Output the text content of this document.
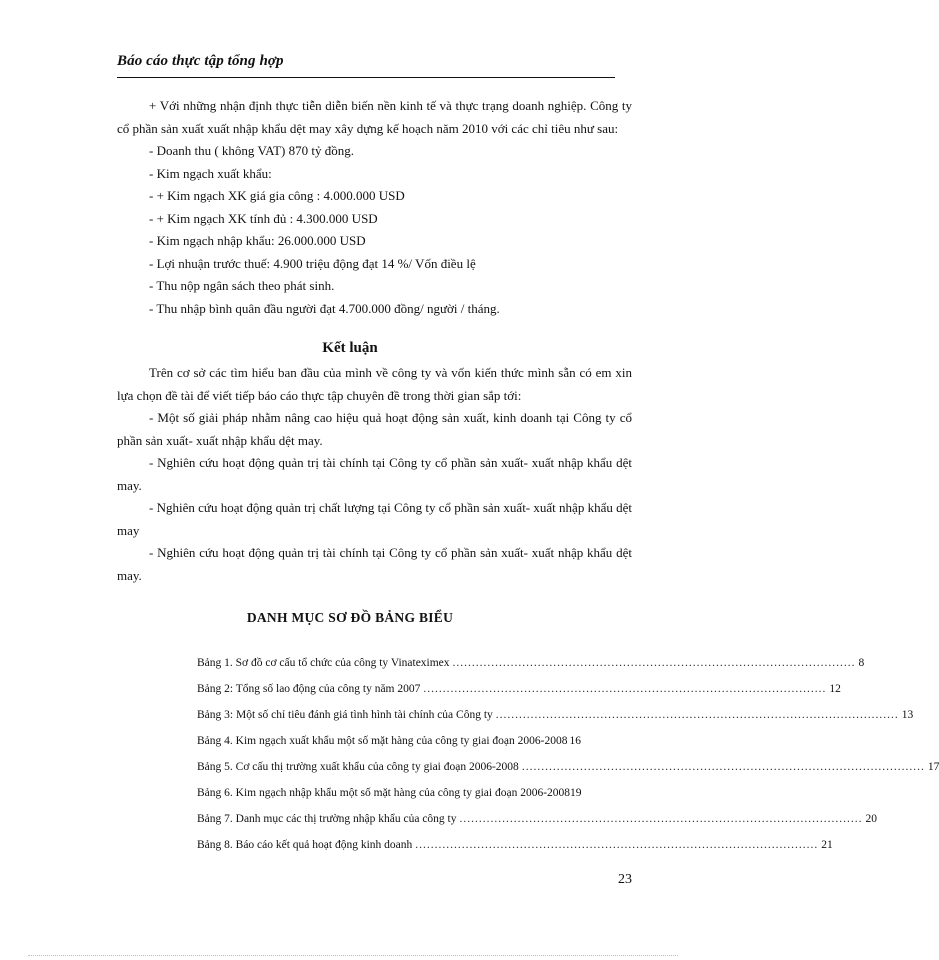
Báo cáo thực tập tổng hợp

+ Với những nhận định thực tiễn diễn biến nền kinh tế và thực trạng doanh nghiệp. Công ty cổ phần sản xuất xuất nhập khẩu dệt may xây dựng kế hoạch năm 2010 với các chỉ tiêu như sau:

- Doanh thu ( không VAT) 870 tỷ đồng.

- Kim ngạch xuất khẩu:

- + Kim ngạch XK giá gia công : 4.000.000 USD

- + Kim ngạch XK tính đủ : 4.300.000 USD

- Kim ngạch nhập khẩu: 26.000.000 USD

- Lợi nhuận trước thuế: 4.900 triệu động đạt 14 %/ Vốn điều lệ

- Thu nộp ngân sách theo phát sinh.

- Thu nhập bình quân đầu người đạt 4.700.000 đồng/ người / tháng.

Kết luận

Trên cơ sở các tìm hiểu ban đầu của mình về công ty và vốn kiến thức mình sẵn có em xin lựa chọn đề tài để viết tiếp báo cáo thực tập chuyên đề trong thời gian sắp tới:

- Một số giải pháp nhằm nâng cao hiệu quả hoạt động sản xuất, kinh doanh tại Công ty cổ phần sản xuất- xuất nhập khẩu dệt may.

- Nghiên cứu hoạt động quản trị tài chính tại Công ty cổ phần sản xuất- xuất nhập khẩu dệt may.

- Nghiên cứu hoạt động quản trị chất lượng tại Công ty cổ phần sản xuất- xuất nhập khẩu dệt may

- Nghiên cứu hoạt động quản trị tài chính tại Công ty cổ phần sản xuất- xuất nhập khẩu dệt may.

DANH MỤC SƠ ĐỒ BẢNG BIỂU
Bảng 1. Sơ đồ cơ cấu tổ chức của công ty Vinateximex ........................................................................................................ 8
Bảng 2: Tổng số lao động của công ty năm 2007 ........................................................................................................ 12
Bảng 3: Một số chỉ tiêu đánh giá tình hình tài chính của Công ty ........................................................................................................ 13
Bảng 4. Kim ngạch xuất khẩu một số mặt hàng của công ty giai đoạn 2006-2008 16
Bảng 5. Cơ cấu thị trường xuất khẩu của công ty giai đoạn 2006-2008 ........................................................................................................ 17
Bảng 6. Kim ngạch nhập khẩu một số mặt hàng của công ty giai đoạn 2006-2008 19
Bảng 7. Danh mục các thị trường nhập khẩu của công ty ........................................................................................................ 20
Bảng 8. Báo cáo kết quả hoạt động kinh doanh ........................................................................................................ 21
23
